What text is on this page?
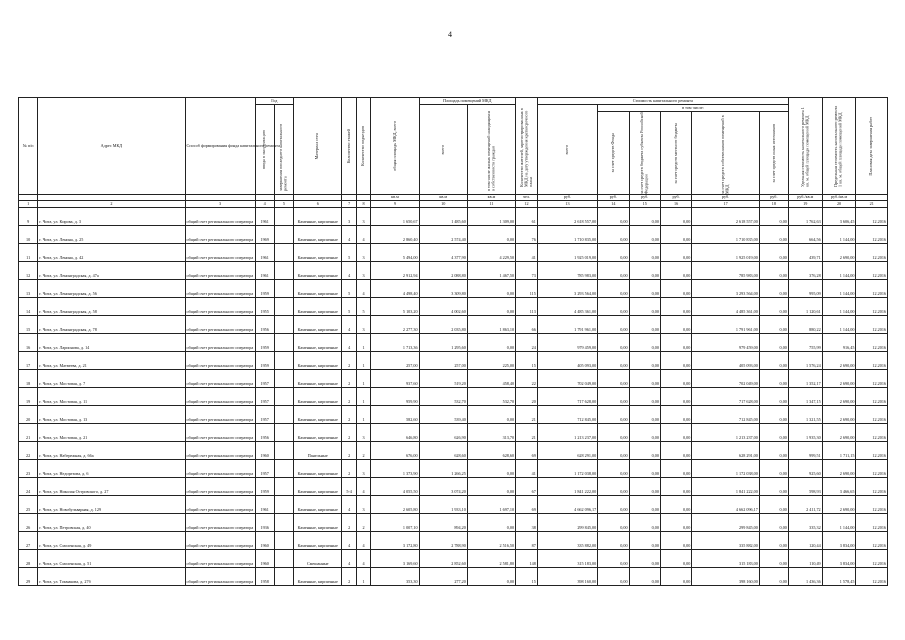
4
№ п/п	Адрес МКД	Способ формирования фонда капитального ремонта	Год		Материал стен	Количество этажей	Количество подъездов	общая площадь МКД, всего	Площадь помещений МКД		Количество жителей, зарегистрированных в МКД на дату утверждения краткосрочного плана	Стоимость капитального ремонта						Удельная стоимость капитального ремонта 1 кв. м. общей площади помещений МКД	Предельная стоимость капитального ремонта 1 кв. м. общей площади помещений МКД	Плановая дата завершения работ

			ввода в эксплуатацию	завершения последнего капитального ремонта					всего	в том числе жилых помещений находящихся в собственности граждан		всего	в том числе:							

													за счет средств Фонда	за счет средств бюджета субъекта Российской Федерации	за счет средств местного бюджета	за счет средств собственников помещений в МКД	за счет средств иных источников			

								кв.м	кв.м	кв.м	чел.	руб.	руб.	руб.	руб.	руб.	руб.	руб./кв.м	руб./кв.м	
1	2	3	4	5	6	7	8	9	10	11	12	13	14	15	16	17	18	19	20	21
9	г. Чита, ул. Кирова, д. 3	общий счет регионального оператора	1961		Каменные, кирпичные	3	3	1 650,67	1 485,60	1 309,00	61	2 618 557,00	0,00	0,00	0,00	2 618 557,00	0,00	1 762,63	3 606,45	12.2016
10	г. Чита, ул. Ленина, д. 25	общий счет регионального оператора	1969		Каменные, кирпичные	4	4	2 860,40	2 574,40	0,00	76	1 710 835,00	0,00	0,00	0,00	1 710 835,00	0,00	664,56	1 144,00	12.2016
11	г. Чита, ул. Ленина, д. 42	общий счет регионального оператора	1961		Каменные, кирпичные	5	3	5 494,00	4 377,90	4 229,50	41	1 925 019,00	0,00	0,00	0,00	1 925 019,00	0,00	439,71	2 690,00	12.2016
12	г. Чита, ул. Ленинградская, д. 47а	общий счет регионального оператора	1961		Каменные, кирпичные	4	3	2 912,94	2 088,80	1 467,50	73	785 983,00	0,00	0,00	0,00	785 983,00	0,00	376,28	1 144,00	12.2016
13	г. Чита, ул. Ленинградская, д. 56	общий счет регионального оператора	1959		Каменные, кирпичные	5	4	4 498,40	3 309,80	0,00	115	3 293 564,00	0,00	0,00	0,00	3 293 564,00	0,00	995,09	1 144,00	12.2016
14	г. Чита, ул. Ленинградская, д. 58	общий счет регионального оператора	1955		Каменные, кирпичные	5	5	5 103,20	4 002,60	0,00	113	4 485 361,00	0,00	0,00	0,00	4 485 361,00	0,00	1 120,61	1 144,00	12.2016
15	г. Чита, ул. Ленинградская, д. 78	общий счет регионального оператора	1956		Каменные, кирпичные	4	3	2 277,30	2 035,80	1 863,10	66	1 791 961,00	0,00	0,00	0,00	1 791 961,00	0,00	880,22	1 144,00	12.2016
16	г. Чита, ул. Ларионова, д. 14	общий счет регионального оператора	1959		Каменные, кирпичные	4	1	1 713,36	1 295,60	0,00	24	979 459,00	0,00	0,00	0,00	979 459,00	0,00	755,99	916,45	12.2016
17	г. Чита, ул. Матвеева, д. 21	общий счет регионального оператора	1959		Каменные, кирпичные	2	1	257,00	257,00	225,00	15	405 093,00	0,00	0,00	0,00	405 093,00	0,00	1 576,24	2 690,00	12.2016
18	г. Чита, ул. Мостовая, д. 7	общий счет регионального оператора	1957		Каменные, кирпичные	2	1	937,60	519,20	458,40	22	702 049,00	0,00	0,00	0,00	702 049,00	0,00	1 352,17	2 690,00	12.2016
19	г. Чита, ул. Мостовая, д. 11	общий счет регионального оператора	1957		Каменные, кирпичные	2	1	959,90	532,70	532,70	20	717 628,00	0,00	0,00	0,00	717 628,00	0,00	1 347,15	2 690,00	12.2016
20	г. Чита, ул. Мостовая, д. 13	общий счет регионального оператора	1957		Каменные, кирпичные	2	1	582,60	539,40	0,00	21	712 845,00	0,00	0,00	0,00	712 845,00	0,00	1 321,55	2 690,00	12.2016
21	г. Чита, ул. Мостовая, д. 21	общий счет регионального оператора	1956		Каменные, кирпичные	2	3	646,80	626,90	313,70	21	1 213 237,00	0,00	0,00	0,00	1 213 237,00	0,00	1 935,30	2 690,00	12.2016
22	г. Чита, ул. Набережная, д. 66а	общий счет регионального оператора	1960		Панельные	2	2	676,00	628,60	628,60	69	628 291,00	0,00	0,00	0,00	628 291,00	0,00	999,51	1 711,15	12.2016
23	г. Чита, ул. Недорезова, д. 6	общий счет регионального оператора	1957		Каменные, кирпичные	2	3	1 373,90	1 266,25	0,00	41	1 172 038,00	0,00	0,00	0,00	1 172 038,00	0,00	925,60	2 690,00	12.2016
24	г. Чита, ул. Николая Островского, д. 27	общий счет регионального оператора	1959		Каменные, кирпичные	5-4	4	4 055,50	3 074,20	0,00	67	1 841 222,00	0,00	0,00	0,00	1 841 222,00	0,00	598,93	3 466,65	12.2016
25	г. Чита, ул. Новобульварная, д. 129	общий счет регионального оператора	1961		Каменные, кирпичные	4	3	2 605,80	1 933,10	1 697,10	69	4 662 096,17	0,00	0,00	0,00	4 662 096,17	0,00	2 411,72	2 690,00	12.2016
26	г. Чита, ул. Петровская, д. 40	общий счет регионального оператора	1936		Каменные, кирпичные	2	2	1 007,10	894,20	0,00	38	299 845,00	0,00	0,00	0,00	299 845,00	0,00	335,32	1 144,00	12.2016
27	г. Чита, ул. Смоленская, д. 49	общий счет регионального оператора	1960		Каменные, кирпичные	4	4	3 172,80	2 788,90	2 516,50	87	335 882,00	0,00	0,00	0,00	335 882,00	0,00	120,44	3 834,00	12.2016
28	г. Чита, ул. Смоленская, д. 51	общий счет регионального оператора	1960		Смешанные	4	4	3 169,60	2 852,60	2 581,80	148	315 183,00	0,00	0,00	0,00	315 183,00	0,00	110,49	3 834,00	12.2016
29	г. Чита, ул. Токмакова, д. 27б	общий счет регионального оператора	1958		Каменные, кирпичные	2	1	353,30	277,20	0,00	15	398 160,00	0,00	0,00	0,00	398 160,00	0,00	1 436,36	1 578,45	12.2016
